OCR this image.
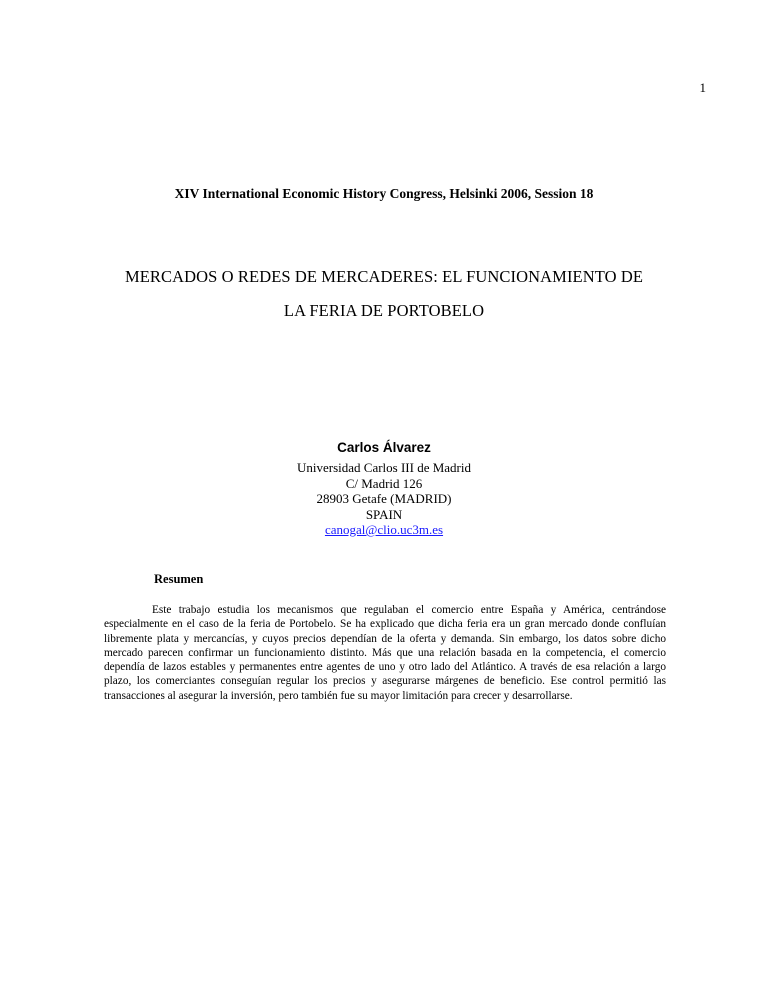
1
XIV International Economic History Congress, Helsinki 2006, Session 18
MERCADOS O REDES DE MERCADERES: EL FUNCIONAMIENTO DE
LA FERIA DE PORTOBELO
Carlos Álvarez
Universidad Carlos III de Madrid
C/ Madrid 126
28903 Getafe (MADRID)
SPAIN
canogal@clio.uc3m.es
Resumen

Este trabajo estudia los mecanismos que regulaban el comercio entre España y América, centrándose especialmente en el caso de la feria de Portobelo. Se ha explicado que dicha feria era un gran mercado donde confluían libremente plata y mercancías, y cuyos precios dependían de la oferta y demanda. Sin embargo, los datos sobre dicho mercado parecen confirmar un funcionamiento distinto. Más que una relación basada en la competencia, el comercio dependía de lazos estables y permanentes entre agentes de uno y otro lado del Atlántico. A través de esa relación a largo plazo, los comerciantes conseguían regular los precios y asegurarse márgenes de beneficio. Ese control permitió las transacciones al asegurar la inversión, pero también fue su mayor limitación para crecer y desarrollarse.
